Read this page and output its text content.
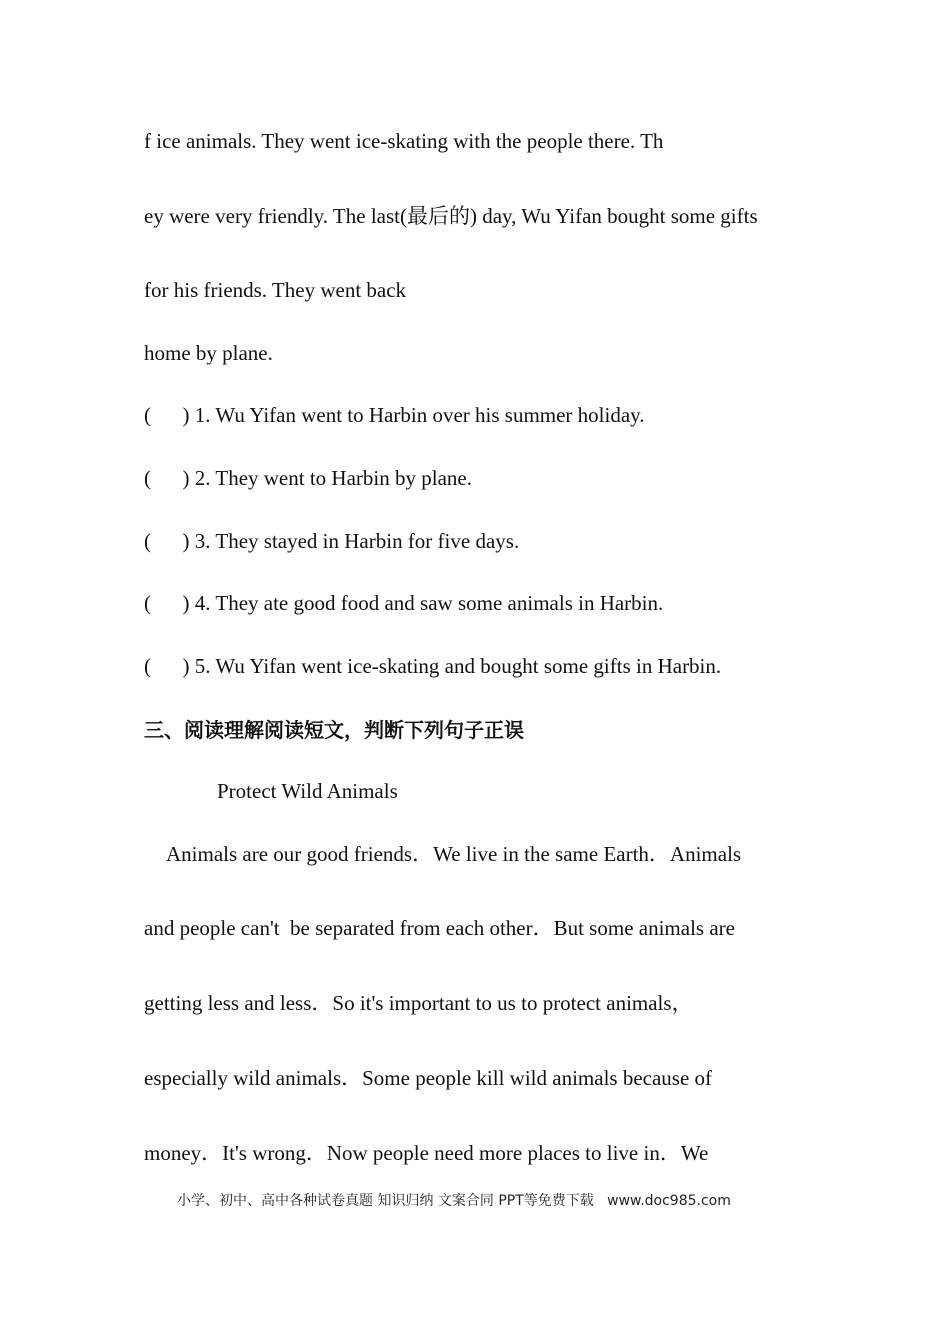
f ice animals. They went ice-skating with the people there. Th
ey were very friendly. The last(最后的) day, Wu Yifan bought some gifts
for his friends. They went back
home by plane.
(      ) 1. Wu Yifan went to Harbin over his summer holiday.
(      ) 2. They went to Harbin by plane.
(      ) 3. They stayed in Harbin for five days.
(      ) 4. They ate good food and saw some animals in Harbin.
(      ) 5. Wu Yifan went ice-skating and bought some gifts in Harbin.
三、阅读理解阅读短文，判断下列句子正误
Protect Wild Animals
Animals are our good friends．We live in the same Earth．Animals
and people can't  be separated from each other．But some animals are
getting less and less．So it's important to us to protect animals，
especially wild animals．Some people kill wild animals because of
money．It's wrong．Now people need more places to live in．We
小学、初中、高中各种试卷真题 知识归纳 文案合同 PPT等免费下载   www.doc985.com
